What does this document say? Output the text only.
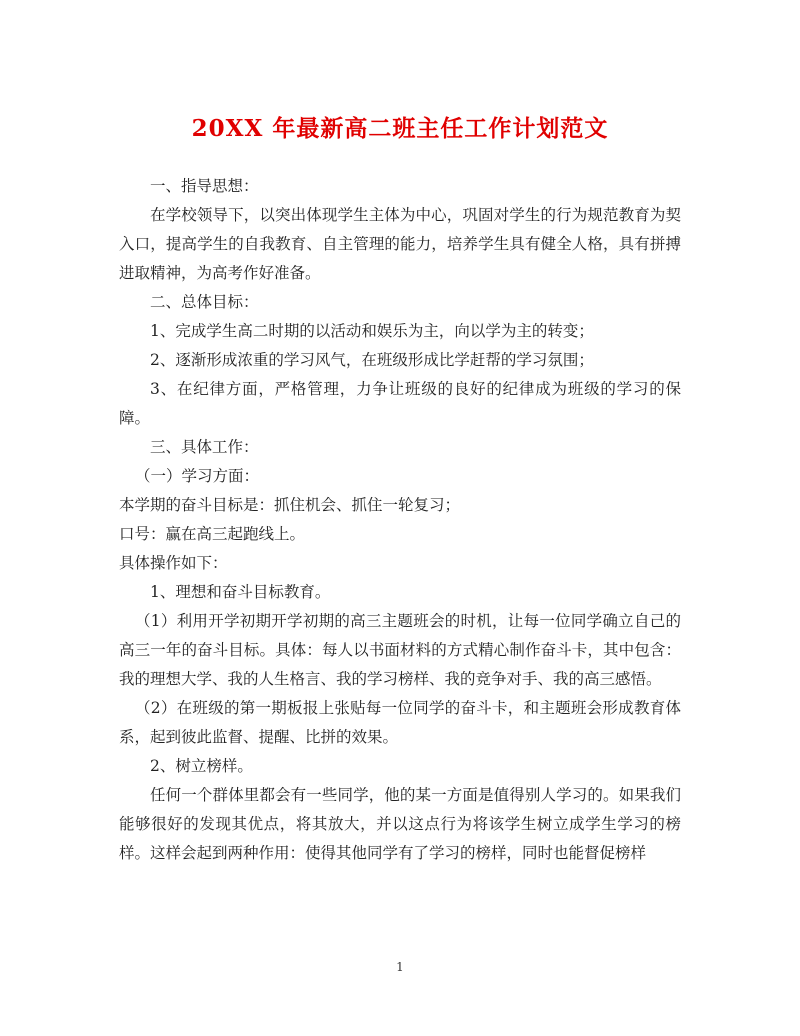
20XX 年最新高二班主任工作计划范文

一、指导思想：

在学校领导下，以突出体现学生主体为中心，巩固对学生的行为规范教育为契入口，提高学生的自我教育、自主管理的能力，培养学生具有健全人格，具有拼搏进取精神，为高考作好准备。

二、总体目标：

1、完成学生高二时期的以活动和娱乐为主，向以学为主的转变；

2、逐渐形成浓重的学习风气，在班级形成比学赶帮的学习氛围；

3、在纪律方面，严格管理，力争让班级的良好的纪律成为班级的学习的保障。

三、具体工作：

（一）学习方面：

本学期的奋斗目标是：抓住机会、抓住一轮复习；

口号：赢在高三起跑线上。

具体操作如下：

1、理想和奋斗目标教育。

（1）利用开学初期开学初期的高三主题班会的时机，让每一位同学确立自己的高三一年的奋斗目标。具体：每人以书面材料的方式精心制作奋斗卡，其中包含：我的理想大学、我的人生格言、我的学习榜样、我的竞争对手、我的高三感悟。

（2）在班级的第一期板报上张贴每一位同学的奋斗卡，和主题班会形成教育体系，起到彼此监督、提醒、比拼的效果。

2、树立榜样。

任何一个群体里都会有一些同学，他的某一方面是值得别人学习的。如果我们能够很好的发现其优点，将其放大，并以这点行为将该学生树立成学生学习的榜样。这样会起到两种作用：使得其他同学有了学习的榜样，同时也能督促榜样

1
